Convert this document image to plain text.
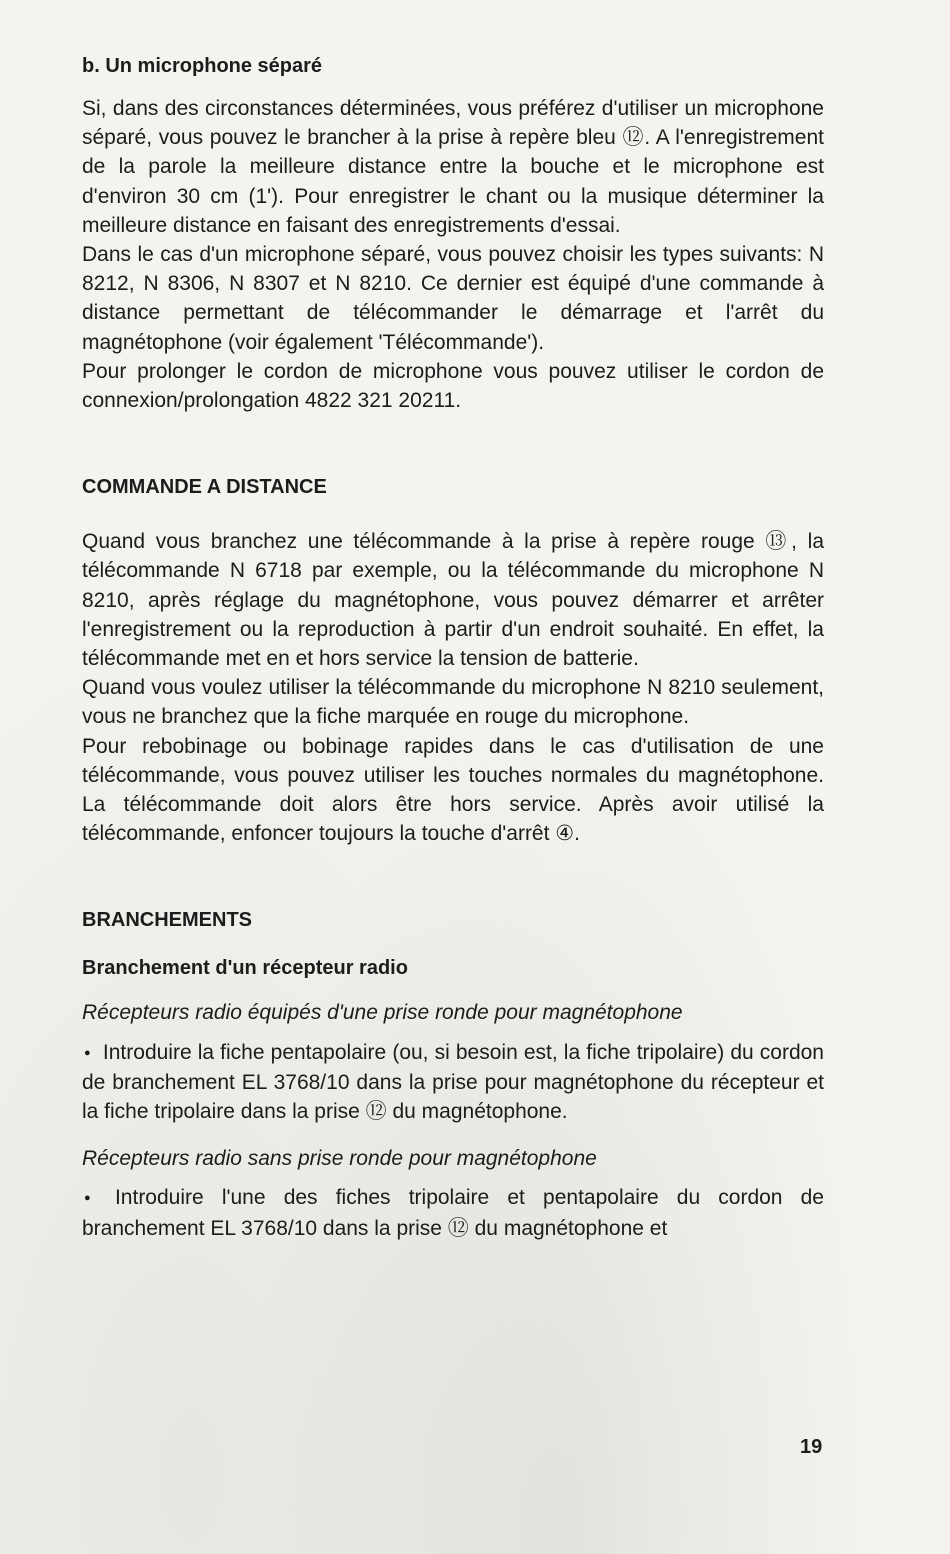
b. Un microphone séparé

Si, dans des circonstances déterminées, vous préférez d'utiliser un microphone séparé, vous pouvez le brancher à la prise à repère bleu ⑫. A l'enregistrement de la parole la meilleure distance entre la bouche et le microphone est d'environ 30 cm (1'). Pour enregistrer le chant ou la musique déterminer la meilleure distance en faisant des enregistrements d'essai.

Dans le cas d'un microphone séparé, vous pouvez choisir les types suivants: N 8212, N 8306, N 8307 et N 8210. Ce dernier est équipé d'une commande à distance permettant de télécommander le démarrage et l'arrêt du magnétophone (voir également 'Télécommande').

Pour prolonger le cordon de microphone vous pouvez utiliser le cordon de connexion/prolongation 4822 321 20211.

COMMANDE A DISTANCE

Quand vous branchez une télécommande à la prise à repère rouge ⑬, la télécommande N 6718 par exemple, ou la télécommande du microphone N 8210, après réglage du magnétophone, vous pouvez démarrer et arrêter l'enregistrement ou la reproduction à partir d'un endroit souhaité. En effet, la télécommande met en et hors service la tension de batterie.

Quand vous voulez utiliser la télécommande du microphone N 8210 seulement, vous ne branchez que la fiche marquée en rouge du microphone.

Pour rebobinage ou bobinage rapides dans le cas d'utilisation de une télécommande, vous pouvez utiliser les touches normales du magnétophone. La télécommande doit alors être hors service. Après avoir utilisé la télécommande, enfoncer toujours la touche d'arrêt ④.

BRANCHEMENTS
Branchement d'un récepteur radio

Récepteurs radio équipés d'une prise ronde pour magnétophone

● Introduire la fiche pentapolaire (ou, si besoin est, la fiche tripolaire) du cordon de branchement EL 3768/10 dans la prise pour magnétophone du récepteur et la fiche tripolaire dans la prise ⑫ du magnétophone.

Récepteurs radio sans prise ronde pour magnétophone

● Introduire l'une des fiches tripolaire et pentapolaire du cordon de branchement EL 3768/10 dans la prise ⑫ du magnétophone et

19
